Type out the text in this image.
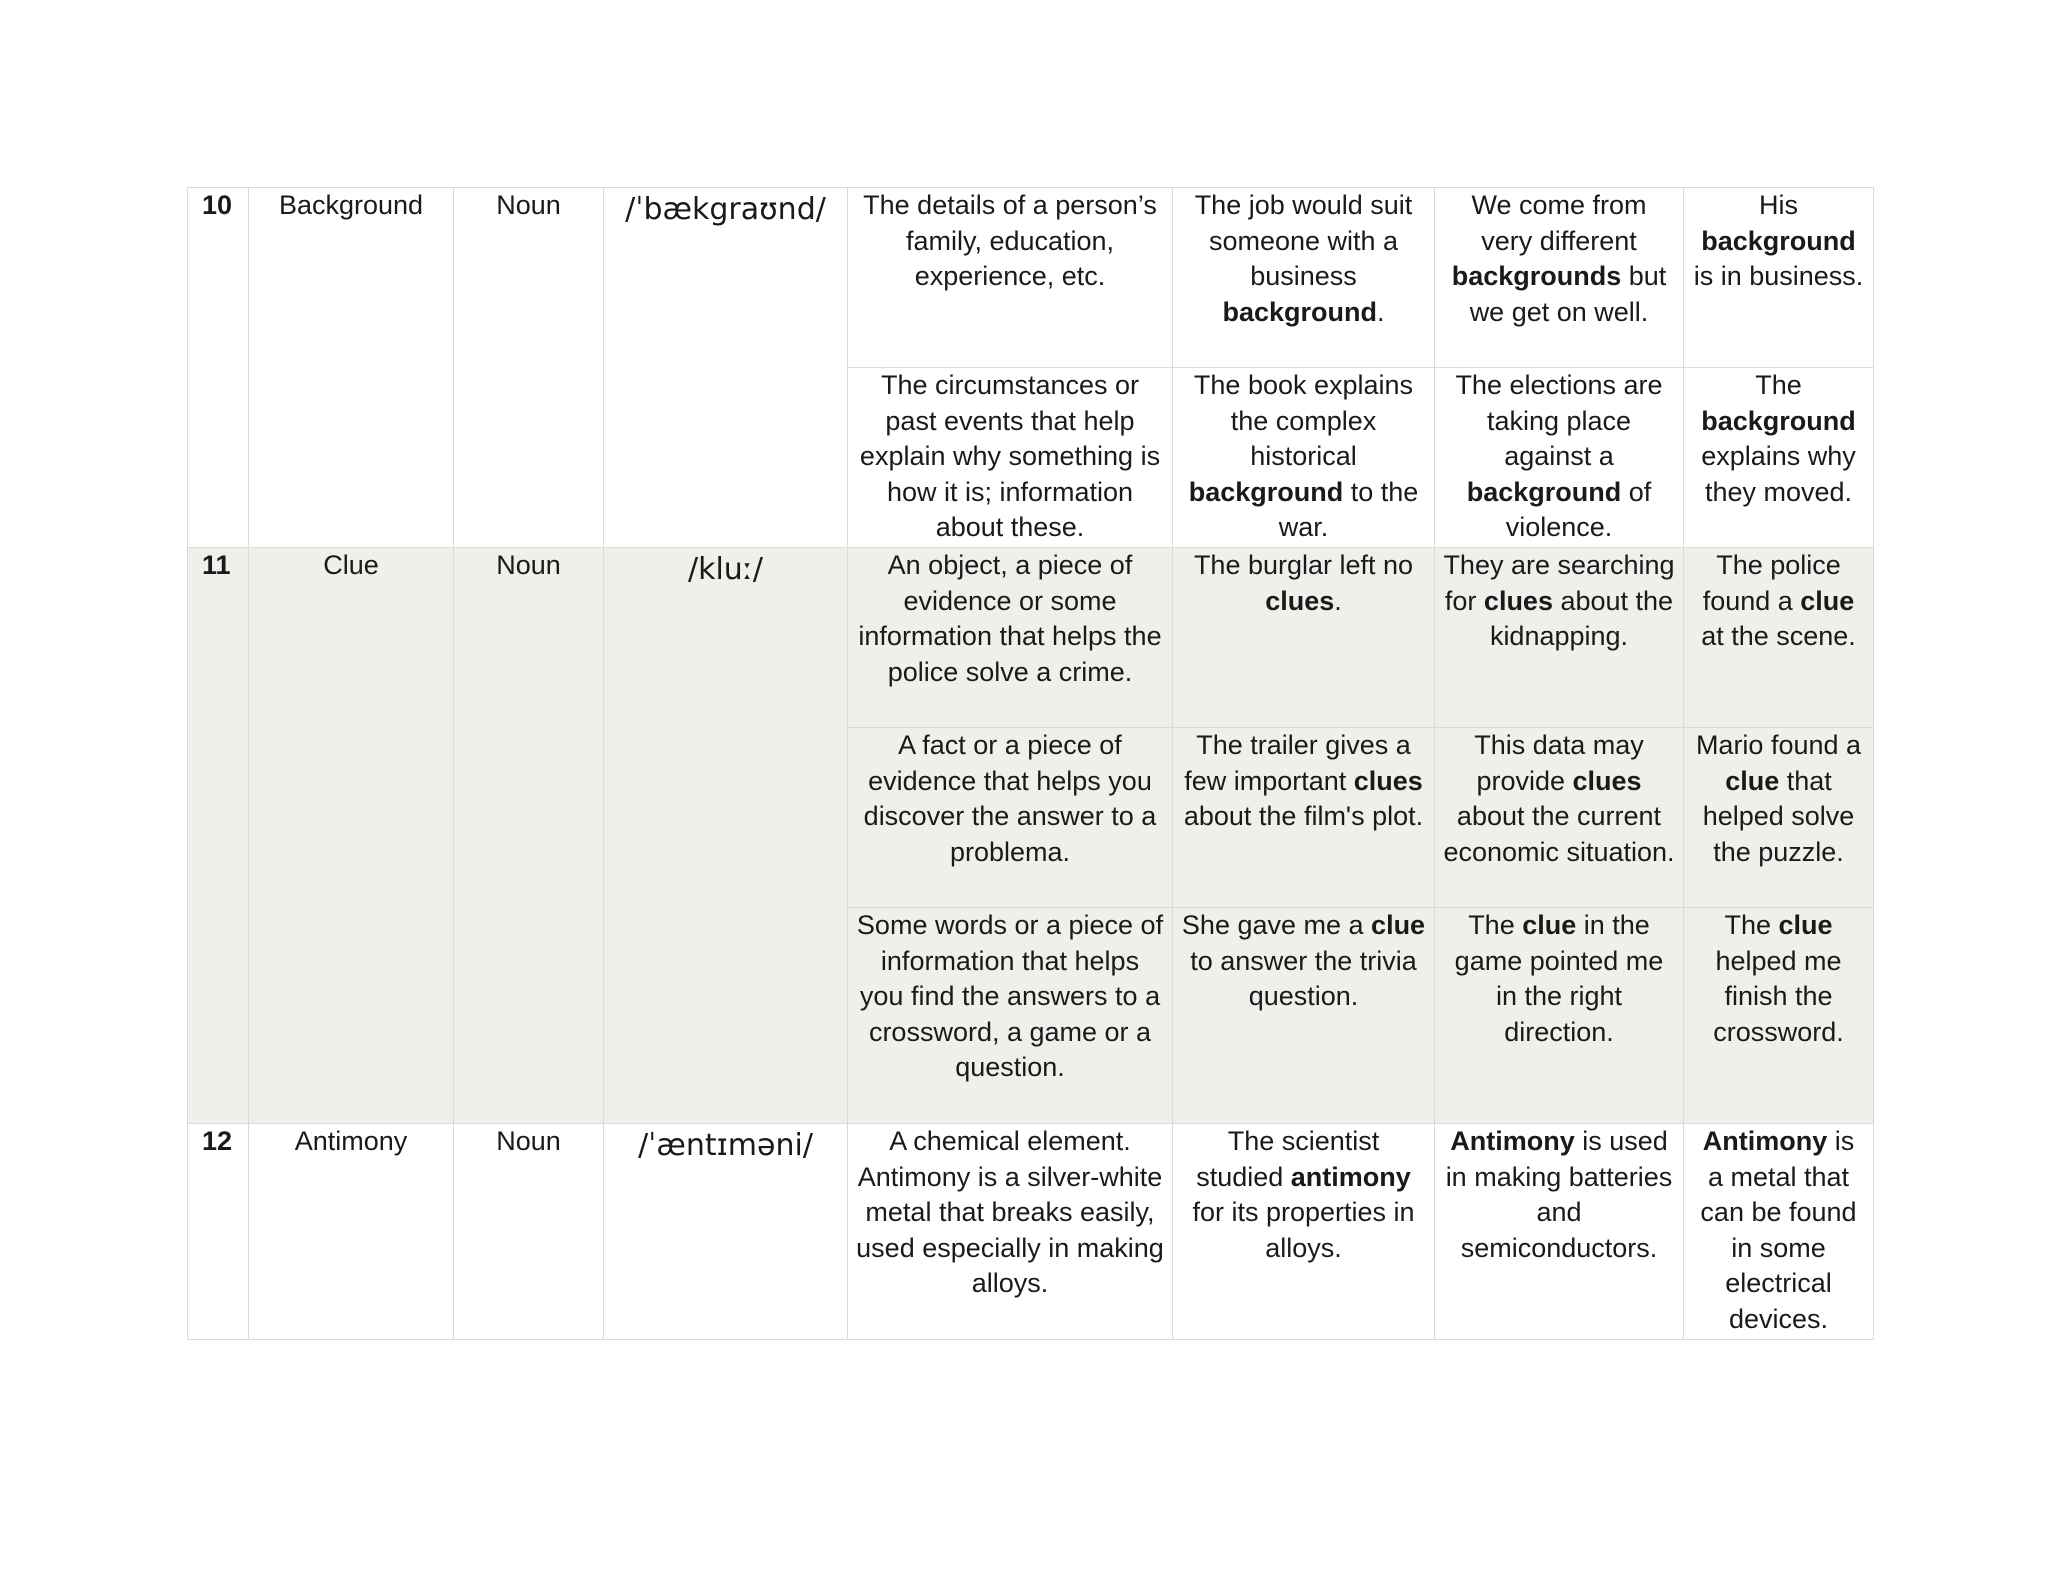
10	Background	Noun	/ˈbækgraʊnd/	The details of a person’s family, education, experience, etc.	The job would suit someone with a business background.	We come from very different backgrounds but we get on well.	His background is in business.
				The circumstances or past events that help explain why something is how it is; information about these.	The book explains the complex historical background to the war.	The elections are taking place against a background of violence.	The background explains why they moved.
11	Clue	Noun	/kluː/	An object, a piece of evidence or some information that helps the police solve a crime.	The burglar left no clues.	They are searching for clues about the kidnapping.	The police found a clue at the scene.
				A fact or a piece of evidence that helps you discover the answer to a problema.	The trailer gives a few important clues about the film's plot.	This data may provide clues about the current economic situation.	Mario found a clue that helped solve the puzzle.
				Some words or a piece of information that helps you find the answers to a crossword, a game or a question.	She gave me a clue to answer the trivia question.	The clue in the game pointed me in the right direction.	The clue helped me finish the crossword.
12	Antimony	Noun	/ˈæntɪməni/	A chemical element. Antimony is a silver-white metal that breaks easily, used especially in making alloys.	The scientist studied antimony for its properties in alloys.	Antimony is used in making batteries and semiconductors.	Antimony is a metal that can be found in some electrical devices.
